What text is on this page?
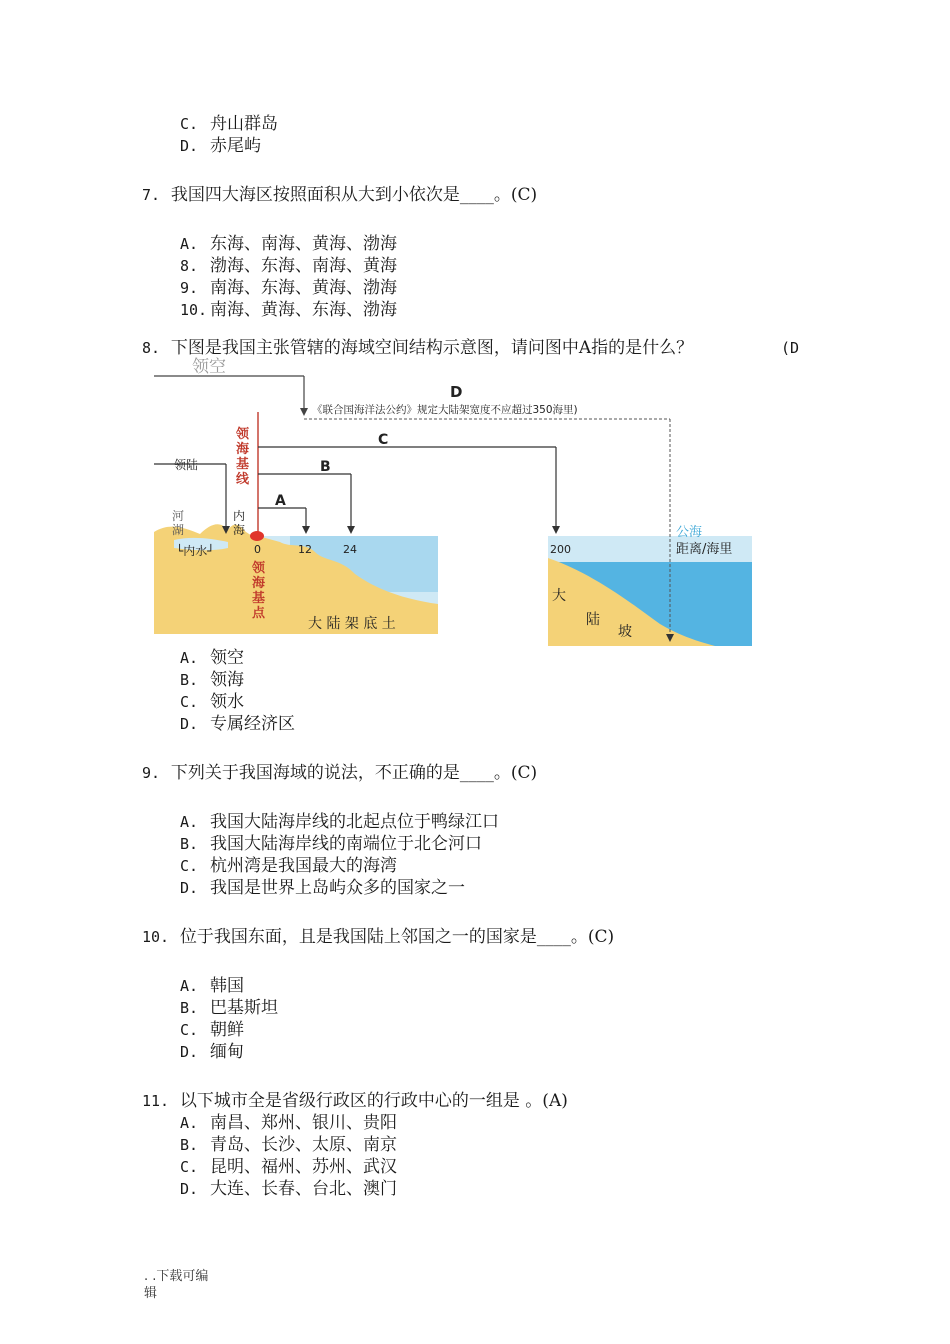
C. 舟山群岛
D. 赤尾屿
7. 我国四大海区按照面积从大到小依次是____。(C)
A. 东海、南海、黄海、渤海
8. 渤海、东海、南海、黄海
9. 南海、东海、黄海、渤海
10. 南海、黄海、东海、渤海
8. 下图是我国主张管辖的海域空间结构示意图，请问图中A指的是什么？	(D
领空
D
《联合国海洋法公约》规定大陆架宽度不应超过350海里)
C
B
A
领陆
领
海
基
线
河
湖
内
海
└内水┘	0	12	24	200
领
海
基
点
大 陆 架 底 土
公海
距离/海里
大
陆
坡
A. 领空
B. 领海
C. 领水
D. 专属经济区
9. 下列关于我国海域的说法，不正确的是____。(C)
A. 我国大陆海岸线的北起点位于鸭绿江口
B. 我国大陆海岸线的南端位于北仑河口
C. 杭州湾是我国最大的海湾
D. 我国是世界上岛屿众多的国家之一
10. 位于我国东面，且是我国陆上邻国之一的国家是____。(C)
A. 韩国
B. 巴基斯坦
C. 朝鲜
D. 缅甸
11. 以下城市全是省级行政区的行政中心的一组是 。(A)
A. 南昌、郑州、银川、贵阳
B. 青岛、长沙、太原、南京
C. 昆明、福州、苏州、武汉
D. 大连、长春、台北、澳门
. .下载可编
辑
